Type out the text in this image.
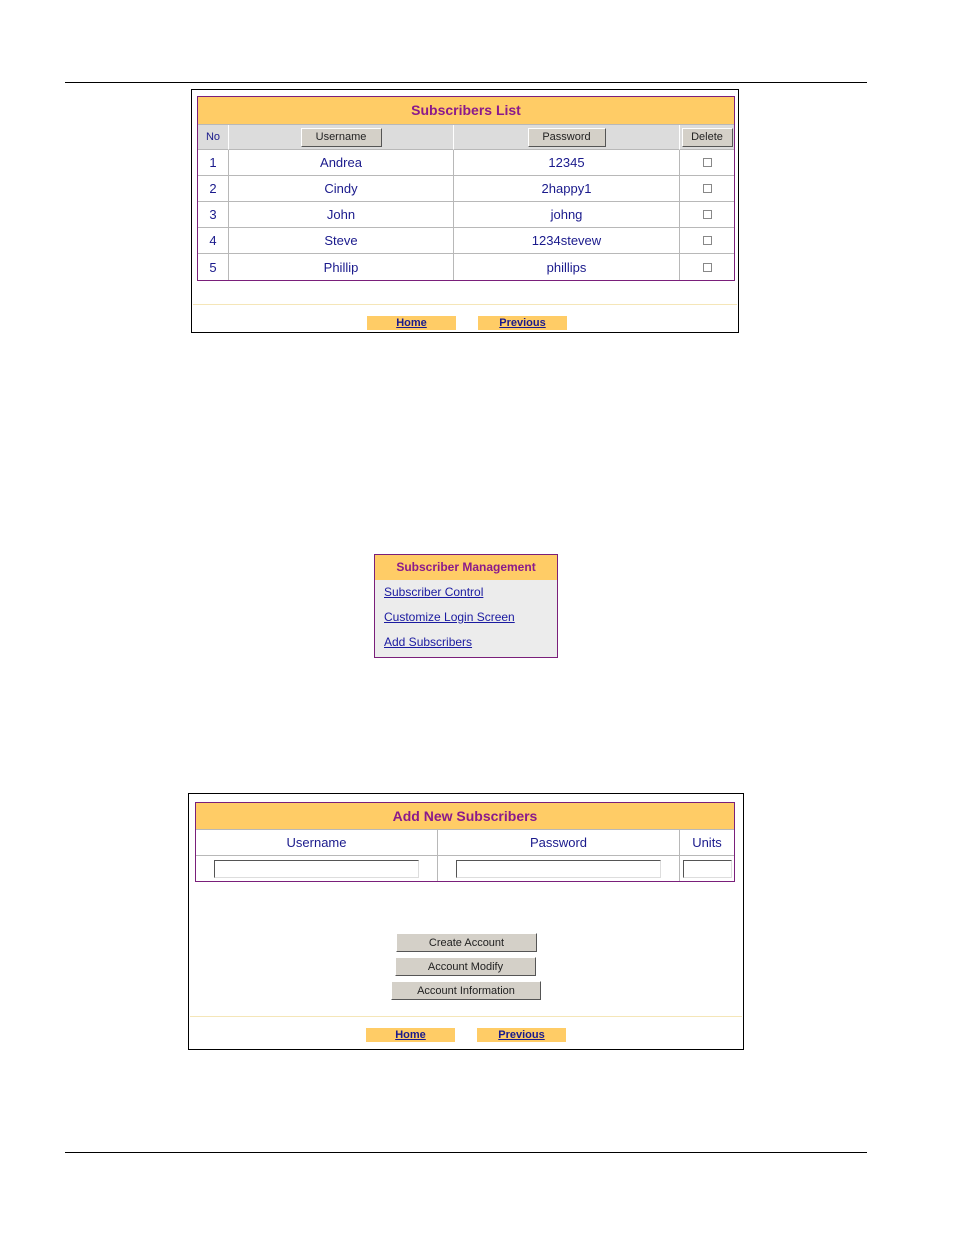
Subscribers List
No	Username	Password	Delete
1	Andrea	12345
2	Cindy	2happy1
3	John	johng
4	Steve	1234stevew
5	Phillip	phillips
Home	Previous
Subscriber Management
Subscriber Control
Customize Login Screen
Add Subscribers
Add New Subscribers
Username	Password	Units
Create Account
Account Modify
Account Information
Home	Previous
